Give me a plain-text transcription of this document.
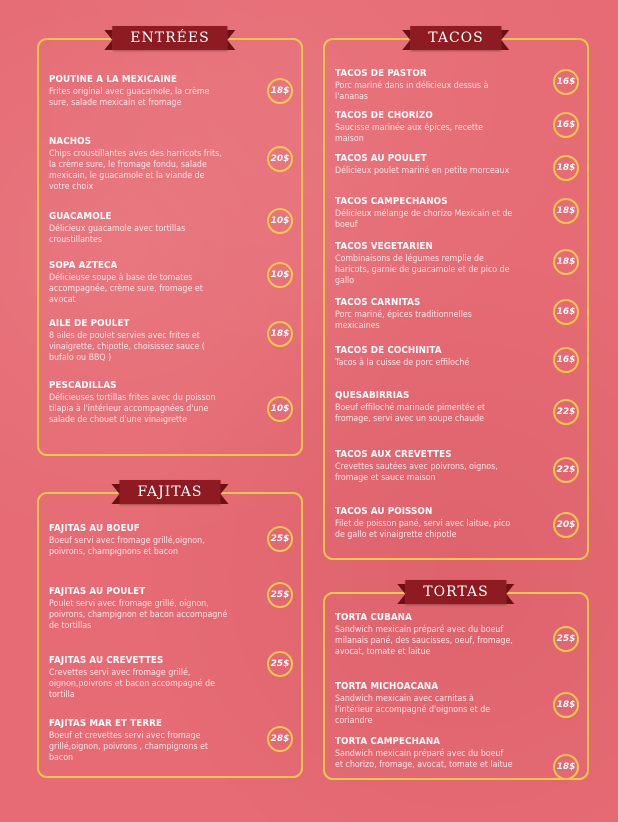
ENTRÉES
POUTINE A LA MEXICAINE
Frites original avec guacamole, la crème sure, salade mexicain et fromage
18$
NACHOS
Chips croustillantes aves des harricots frits, la crème sure, le fromage fondu, salade mexicain, le guacamole et la viande de votre choix
20$
GUACAMOLE
Délicieux guacamole avec tortillas croustillantes
10$
SOPA AZTECA
Délicieuse soupe à base de tomates accompagnée, crème sure, fromage et avocat
10$
AILE DE POULET
8 ailes de poulet servies avec frites et vinaigrette, chipotle, choisissez sauce ( bufalo ou BBQ )
18$
PESCADILLAS
Délicieuses tortillas frites avec du poisson tilapia à l'intérieur accompagnées d'une salade de chouet d'une vinaigrette
10$
FAJITAS
FAJITAS AU BOEUF
Boeuf servi avec fromage grillé,oignon, poivrons, champignons et bacon
25$
FAJITAS AU POULET
Poulet servi avec fromage grillé, oignon, poivrons, champignon et bacon accompagné de tortillas
25$
FAJITAS AU CREVETTES
Crevettes servi avec fromage grillé, oignon,poivrons et bacon accompagné de tortilla
25$
FAJITAS MAR ET TERRE
Boeuf et crevettes servi avec fromage grillé,oignon, poivrons , champignons et bacon
28$
TACOS
TACOS DE PASTOR
Porc mariné dans in délicieux dessus à l'ananas
16$
TACOS DE CHORIZO
Saucisse marinée aux épices, recette maison
16$
TACOS AU POULET
Délicieux poulet mariné en petite morceaux	18$
TACOS CAMPECHANOS
Délicieux mélange de chorizo Mexicain et de boeuf
18$
TACOS VEGETARIEN
Combinaisons de légumes remplie de haricots, garnie de guacamole et de pico de gallo
18$
TACOS CARNITAS
Porc mariné, épices traditionnelles mexicaines
16$
TACOS DE COCHINITA
Tacos à la cuisse de porc effiloché	16$
QUESABIRRIAS
Boeuf effiloché marinade pimentée et fromage, servi avec un soupe chaude
22$
TACOS AUX CREVETTES
Crevettes sautées avec poivrons, oignos, fromage et sauce maison
22$
TACOS AU POISSON
Filet de poisson pané, servi avec laitue, pico de gallo et vinaigrette chipotle
20$
TORTAS
TORTA CUBANA
Sandwich mexicain préparé avec du boeuf milanais pané, des saucisses, oeuf, fromage, avocat, tomate et laitue
25$
TORTA MICHOACANA
Sandwich mexicain avec carnitas à l'intérieur accompagné d'oignons et de coriandre
18$
TORTA CAMPECHANA
Sandwich mexicain préparé avec du boeuf et chorizo, fromage, avocat, tomate et laitue	18$
